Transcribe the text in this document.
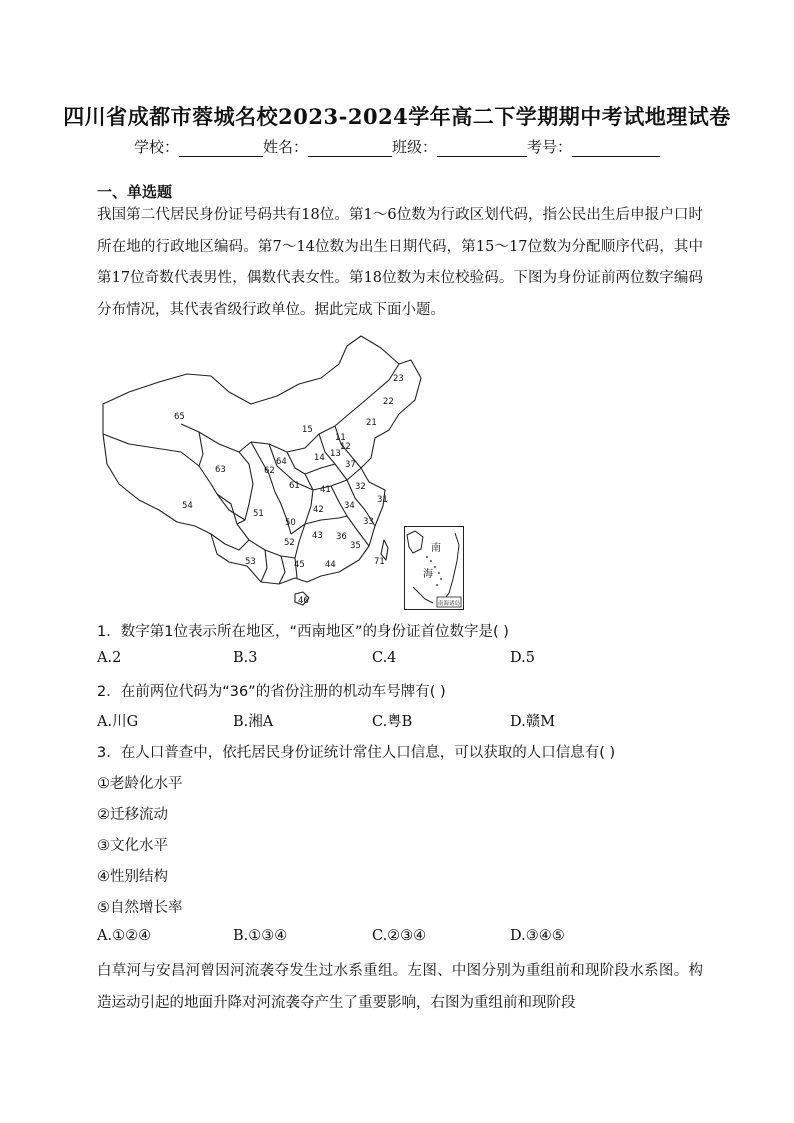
四川省成都市蓉城名校2023-2024学年高二下学期期中考试地理试卷
学校：	姓名：	班级：	考号：
一、单选题
我国第二代居民身份证号码共有18位。第1～6位数为行政区划代码，指公民出生后申报户口时所在地的行政地区编码。第7～14位数为出生日期代码，第15～17位数为分配顺序代码，其中第17位奇数代表男性，偶数代表女性。第18位数为末位校验码。下图为身份证前两位数字编码分布情况，其代表省级行政单位。据此完成下面小题。
23
22
65
15
11
12
21
13
14
37
64
62
63
61 41	32
31
34
54
51
50
42
33
52
43 36
35
53	45 44	71
46
南
海
南海诸岛
1．数字第1位表示所在地区，“西南地区”的身份证首位数字是( )
A.2	B.3	C.4	D.5
2．在前两位代码为“36”的省份注册的机动车号牌有( )
A.川G	B.湘A	C.粤B	D.赣M
3．在人口普查中，依托居民身份证统计常住人口信息，可以获取的人口信息有( )
①老龄化水平
②迁移流动
③文化水平
④性别结构
⑤自然增长率
A.①②④	B.①③④	C.②③④	D.③④⑤
白草河与安昌河曾因河流袭夺发生过水系重组。左图、中图分别为重组前和现阶段水系图。构造运动引起的地面升降对河流袭夺产生了重要影响，右图为重组前和现阶段
